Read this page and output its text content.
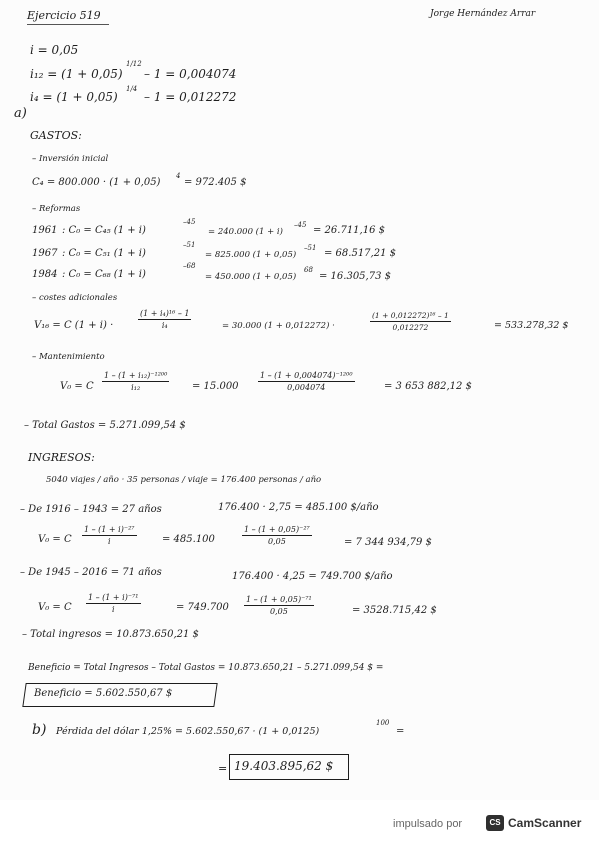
Ejercicio 519	Jorge Hernández Arrar
i = 0,05
i₁₂ = (1 + 0,05)
1/12
– 1 = 0,004074
i₄ = (1 + 0,05)
1/4
– 1 = 0,012272
a)
GASTOS:
– Inversión inicial
C₄ = 800.000 · (1 + 0,05)
4
= 972.405 $
– Reformas
1961 : C₀ = C₄₅ (1 + i)
–45
= 240.000 (1 + i)
–45 = 26.711,16 $
1967 : C₀ = C₅₁ (1 + i)
–51
= 825.000 (1 + 0,05)
–51 = 68.517,21 $
1984 : C₀ = C₆₈ (1 + i)
–68
= 450.000 (1 + 0,05)
68
= 16.305,73 $
– costes adicionales
V₁₆ = C (1 + i) ·
(1 + i₄)¹⁶ – 1
i₄	= 30.000 (1 + 0,012272) ·
(1 + 0,012272)¹⁶ – 1
0,012272	= 533.278,32 $
– Mantenimiento
V₀ = C
1 – (1 + i₁₂)⁻¹²⁰⁰
i₁₂	= 15.000
1 – (1 + 0,004074)⁻¹²⁰⁰
0,004074	= 3 653 882,12 $
– Total Gastos = 5.271.099,54 $
INGRESOS:
5040 viajes / año · 35 personas / viaje = 176.400 personas / año
– De 1916 – 1943 = 27 años	176.400 · 2,75 = 485.100 $/año
V₀ = C
1 – (1 + i)⁻²⁷
i	= 485.100
1 – (1 + 0,05)⁻²⁷
0,05	= 7 344 934,79 $
– De 1945 – 2016 = 71 años	176.400 · 4,25 = 749.700 $/año
V₀ = C
1 – (1 + i)⁻⁷¹
i	= 749.700
1 – (1 + 0,05)⁻⁷¹
0,05	= 3528.715,42 $
– Total ingresos = 10.873.650,21 $
Beneficio = Total Ingresos – Total Gastos = 10.873.650,21 – 5.271.099,54 $ =
Beneficio = 5.602.550,67 $
b) Pérdida del dólar 1,25% = 5.602.550,67 · (1 + 0,0125)
100
=
= 19.403.895,62 $
impulsado por	CS CamScanner
